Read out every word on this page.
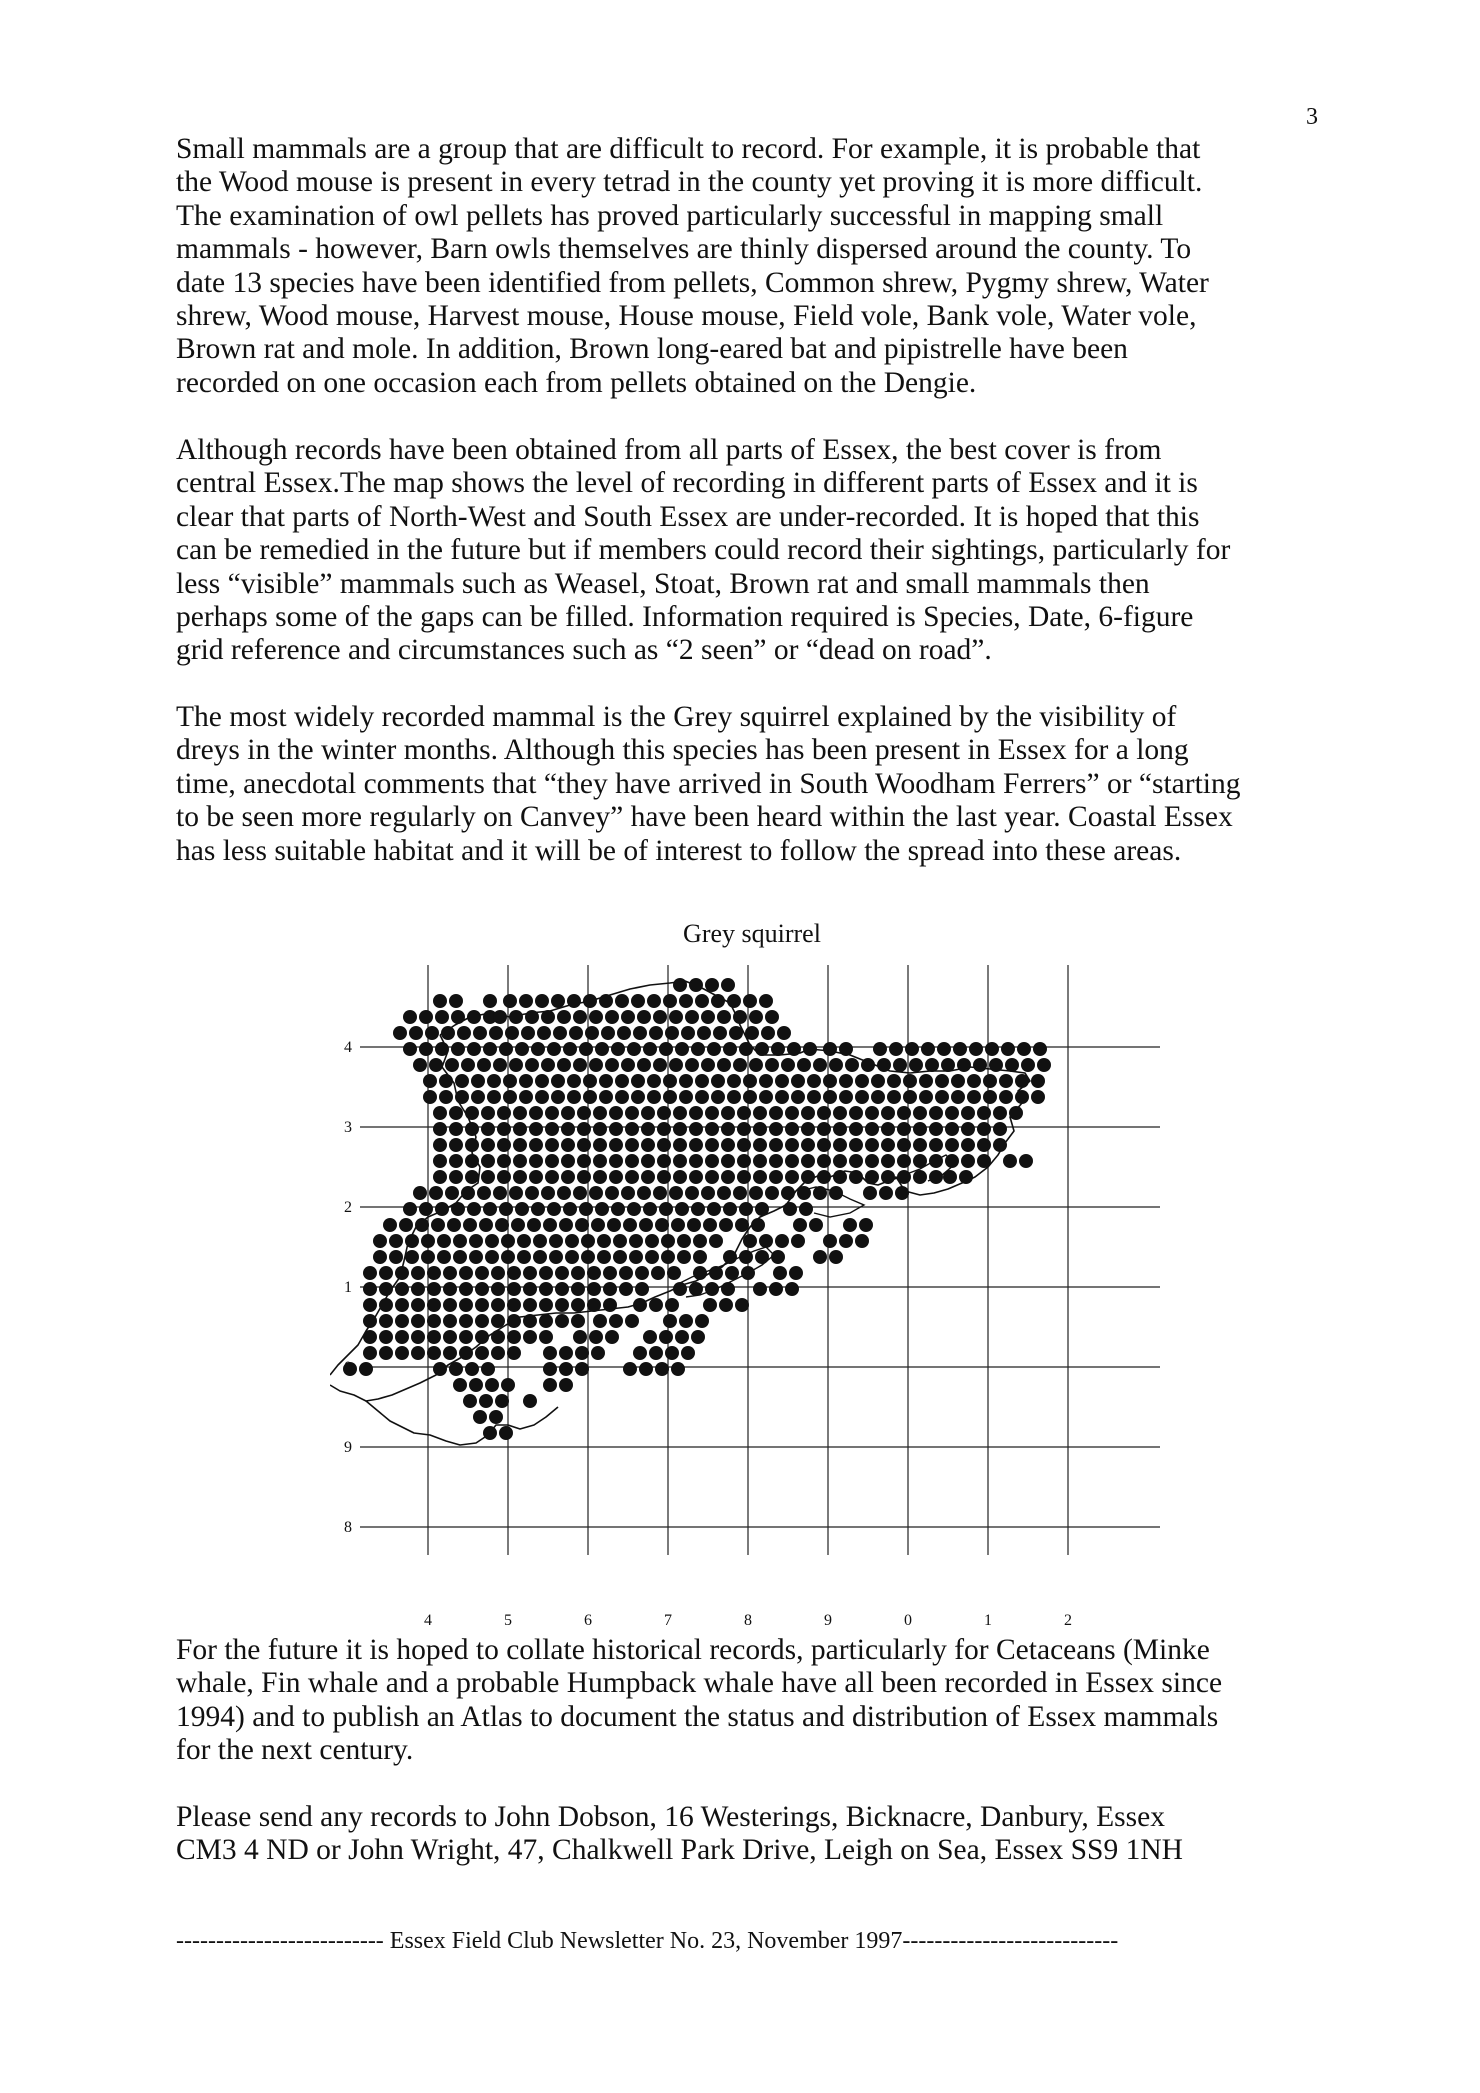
3
Small mammals are a group that are difficult to record. For example, it is probable that
the Wood mouse is present in every tetrad in the county yet proving it is more difficult.
The examination of owl pellets has proved particularly successful in mapping small
mammals - however, Barn owls themselves are thinly dispersed around the county. To
date 13 species have been identified from pellets, Common shrew, Pygmy shrew, Water
shrew, Wood mouse, Harvest mouse, House mouse, Field vole, Bank vole, Water vole,
Brown rat and mole. In addition, Brown long-eared bat and pipistrelle have been
recorded on one occasion each from pellets obtained on the Dengie.
Although records have been obtained from all parts of Essex, the best cover is from
central Essex.The map shows the level of recording in different parts of Essex and it is
clear that parts of North-West and South Essex are under-recorded. It is hoped that this
can be remedied in the future but if members could record their sightings, particularly for
less “visible” mammals such as Weasel, Stoat, Brown rat and small mammals then
perhaps some of the gaps can be filled. Information required is Species, Date, 6-figure
grid reference and circumstances such as “2 seen” or “dead on road”.
The most widely recorded mammal is the Grey squirrel explained by the visibility of
dreys in the winter months. Although this species has been present in Essex for a long
time, anecdotal comments that “they have arrived in South Woodham Ferrers” or “starting
to be seen more regularly on Canvey” have been heard within the last year. Coastal Essex
has less suitable habitat and it will be of interest to follow the spread into these areas.
Grey squirrel
4	5	6	7	8	9	0	1	2
4
3
2
1
0
9
8
For the future it is hoped to collate historical records, particularly for Cetaceans (Minke
whale, Fin whale and a probable Humpback whale have all been recorded in Essex since
1994) and to publish an Atlas to document the status and distribution of Essex mammals
for the next century.
Please send any records to John Dobson, 16 Westerings, Bicknacre, Danbury, Essex
CM3 4 ND or John Wright, 47, Chalkwell Park Drive, Leigh on Sea, Essex SS9 1NH
-------------------------- Essex Field Club Newsletter No. 23, November 1997---------------------------
